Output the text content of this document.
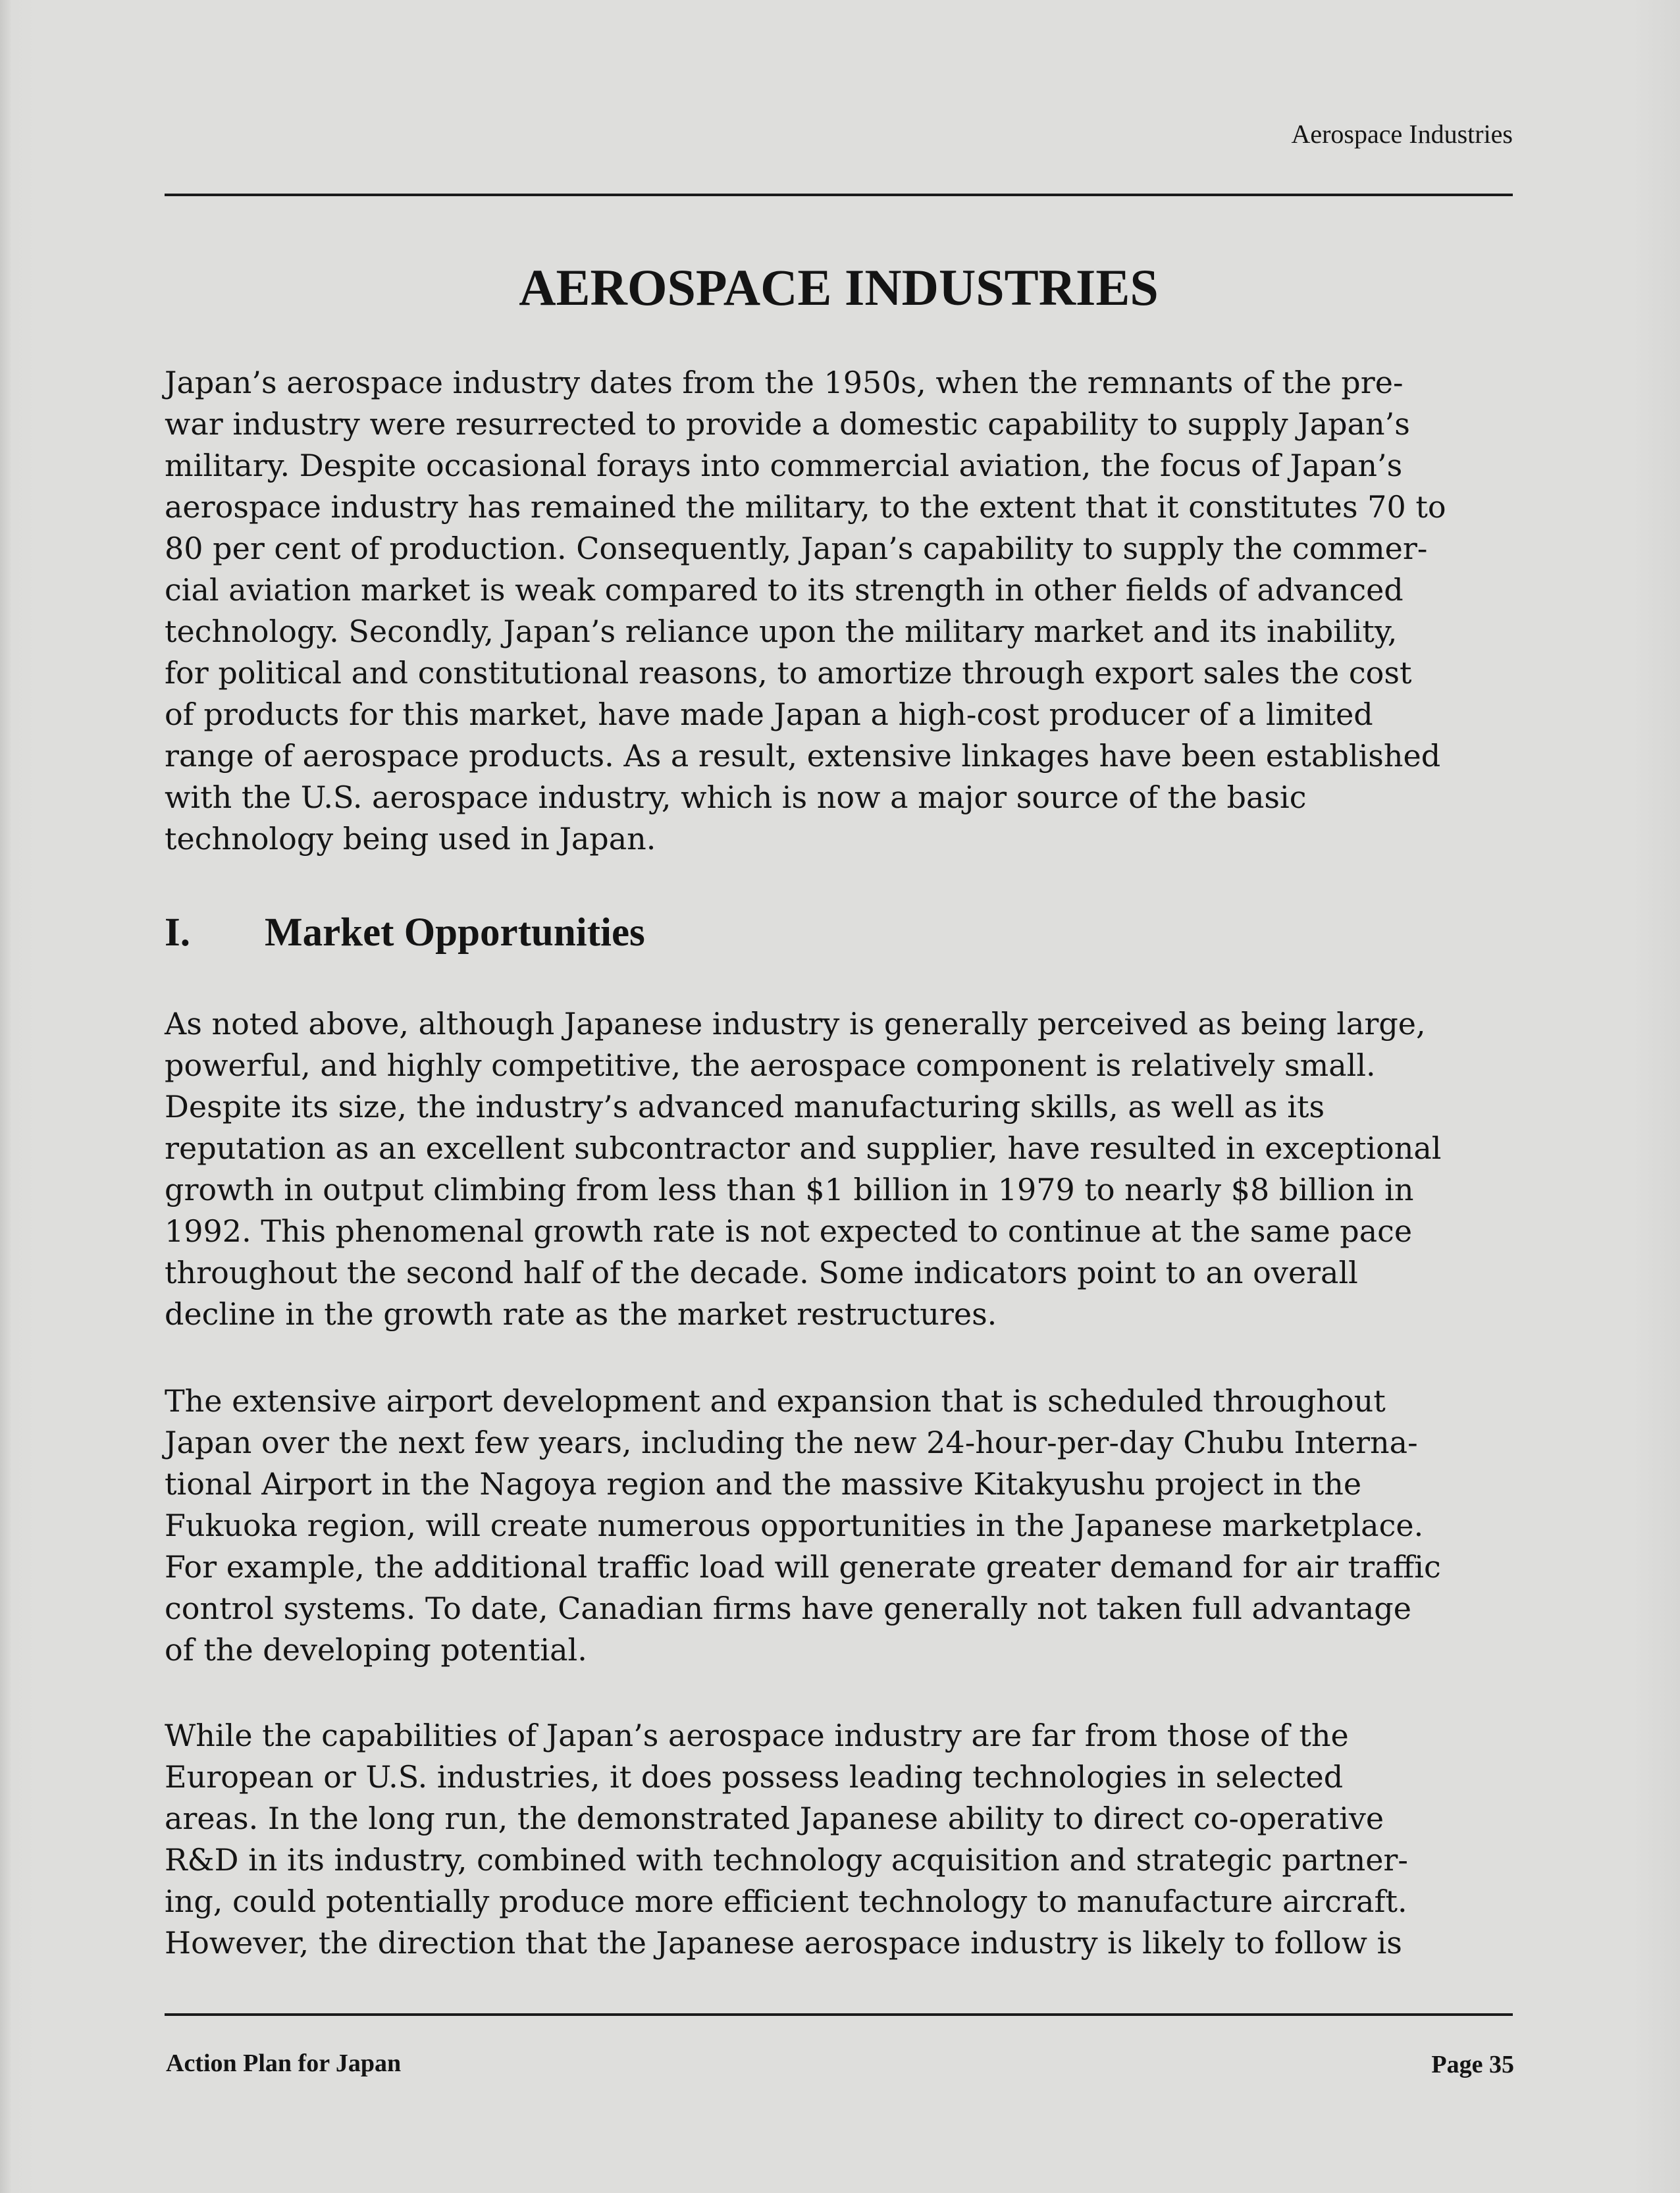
Aerospace Industries
AEROSPACE INDUSTRIES

Japan’s aerospace industry dates from the 1950s, when the remnants of the pre-
war industry were resurrected to provide a domestic capability to supply Japan’s
military. Despite occasional forays into commercial aviation, the focus of Japan’s
aerospace industry has remained the military, to the extent that it constitutes 70 to
80 per cent of production. Consequently, Japan’s capability to supply the commer-
cial aviation market is weak compared to its strength in other fields of advanced
technology. Secondly, Japan’s reliance upon the military market and its inability,
for political and constitutional reasons, to amortize through export sales the cost
of products for this market, have made Japan a high-cost producer of a limited
range of aerospace products. As a result, extensive linkages have been established
with the U.S. aerospace industry, which is now a major source of the basic
technology being used in Japan.

I. Market Opportunities

As noted above, although Japanese industry is generally perceived as being large,
powerful, and highly competitive, the aerospace component is relatively small.
Despite its size, the industry’s advanced manufacturing skills, as well as its
reputation as an excellent subcontractor and supplier, have resulted in exceptional
growth in output climbing from less than $1 billion in 1979 to nearly $8 billion in
1992. This phenomenal growth rate is not expected to continue at the same pace
throughout the second half of the decade. Some indicators point to an overall
decline in the growth rate as the market restructures.

The extensive airport development and expansion that is scheduled throughout
Japan over the next few years, including the new 24-hour-per-day Chubu Interna-
tional Airport in the Nagoya region and the massive Kitakyushu project in the
Fukuoka region, will create numerous opportunities in the Japanese marketplace.
For example, the additional traffic load will generate greater demand for air traffic
control systems. To date, Canadian firms have generally not taken full advantage
of the developing potential.

While the capabilities of Japan’s aerospace industry are far from those of the
European or U.S. industries, it does possess leading technologies in selected
areas. In the long run, the demonstrated Japanese ability to direct co-operative
R&D in its industry, combined with technology acquisition and strategic partner-
ing, could potentially produce more efficient technology to manufacture aircraft.
However, the direction that the Japanese aerospace industry is likely to follow is

Action Plan for Japan	Page 35
